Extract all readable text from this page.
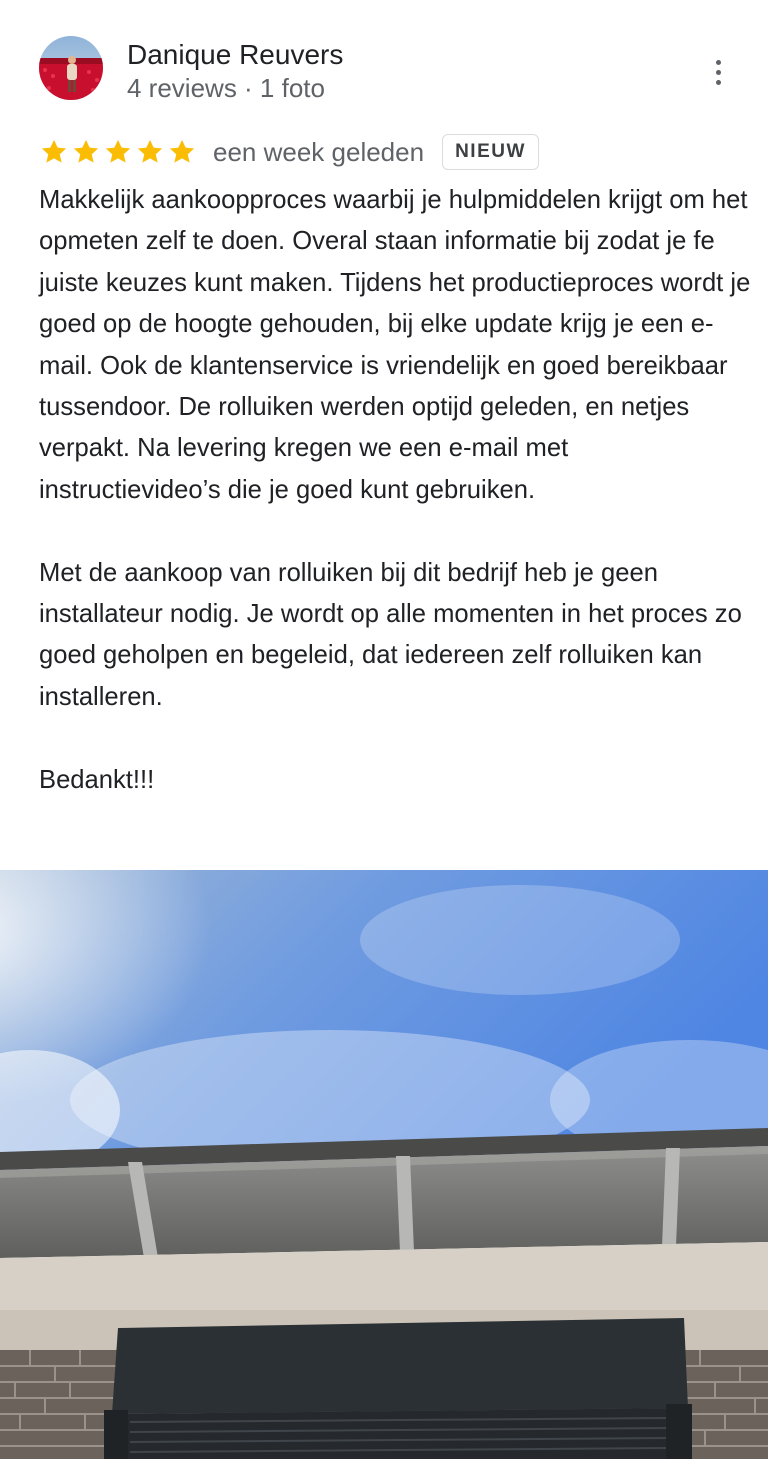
Danique Reuvers
4 reviews · 1 foto
een week geleden	NIEUW

Makkelijk aankoopproces waarbij je hulpmiddelen krijgt om het opmeten zelf te doen. Overal staan informatie bij zodat je fe juiste keuzes kunt maken. Tijdens het productieproces wordt je goed op de hoogte gehouden, bij elke update krijg je een e-mail. Ook de klantenservice is vriendelijk en goed bereikbaar tussendoor. De rolluiken werden optijd geleden, en netjes verpakt. Na levering kregen we een e-mail met instructievideo’s die je goed kunt gebruiken.

Met de aankoop van rolluiken bij dit bedrijf heb je geen installateur nodig. Je wordt op alle momenten in het proces zo goed geholpen en begeleid, dat iedereen zelf rolluiken kan installeren.

Bedankt!!!
